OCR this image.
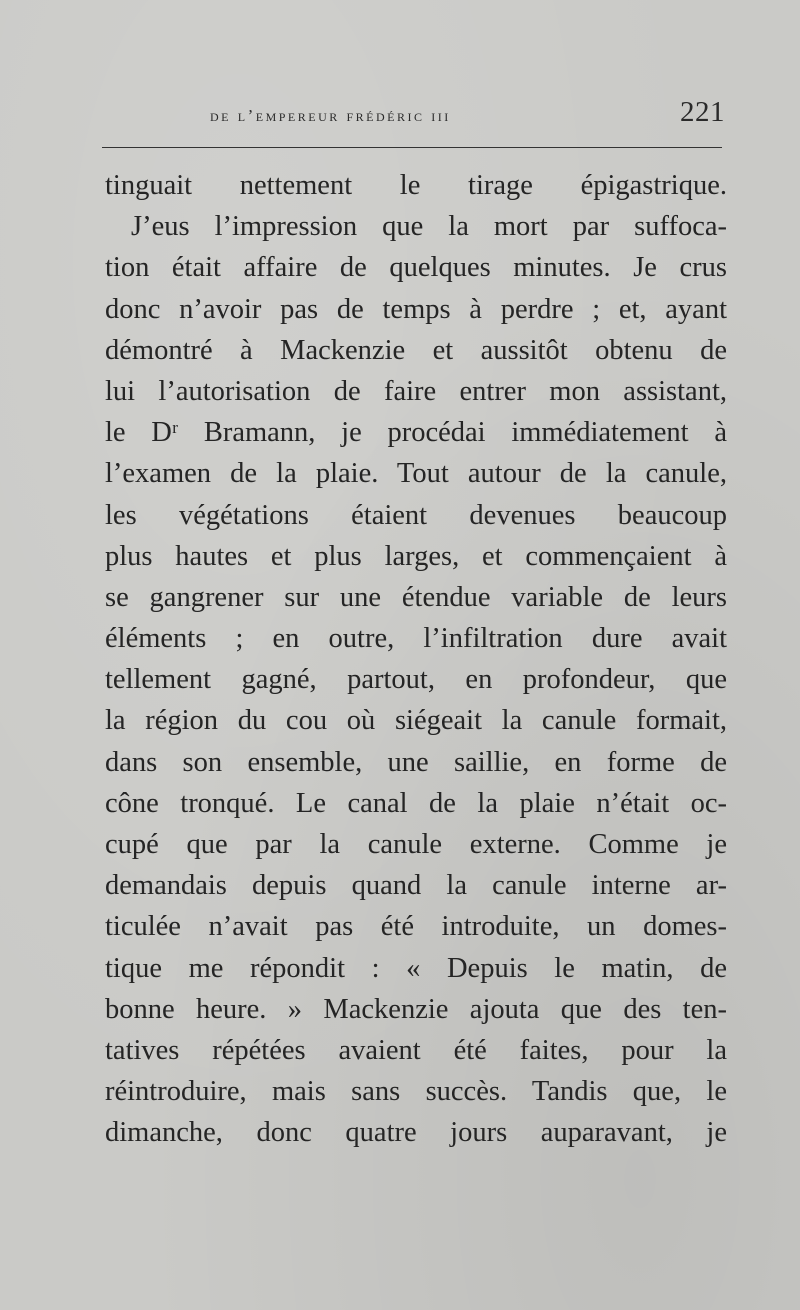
de l’empereur frédéric iii	221
tinguait nettement le tirage épigastrique.
J’eus l’impression que la mort par suffoca-
tion était affaire de quelques minutes. Je crus
donc n’avoir pas de temps à perdre ; et, ayant
démontré à Mackenzie et aussitôt obtenu de
lui l’autorisation de faire entrer mon assistant,
le Dʳ Bramann, je procédai immédiatement à
l’examen de la plaie. Tout autour de la canule,
les végétations étaient devenues beaucoup
plus hautes et plus larges, et commençaient à
se gangrener sur une étendue variable de leurs
éléments ; en outre, l’infiltration dure avait
tellement gagné, partout, en profondeur, que
la région du cou où siégeait la canule formait,
dans son ensemble, une saillie, en forme de
cône tronqué. Le canal de la plaie n’était oc-
cupé que par la canule externe. Comme je
demandais depuis quand la canule interne ar-
ticulée n’avait pas été introduite, un domes-
tique me répondit : « Depuis le matin, de
bonne heure. » Mackenzie ajouta que des ten-
tatives répétées avaient été faites, pour la
réintroduire, mais sans succès. Tandis que, le
dimanche, donc quatre jours auparavant, je
